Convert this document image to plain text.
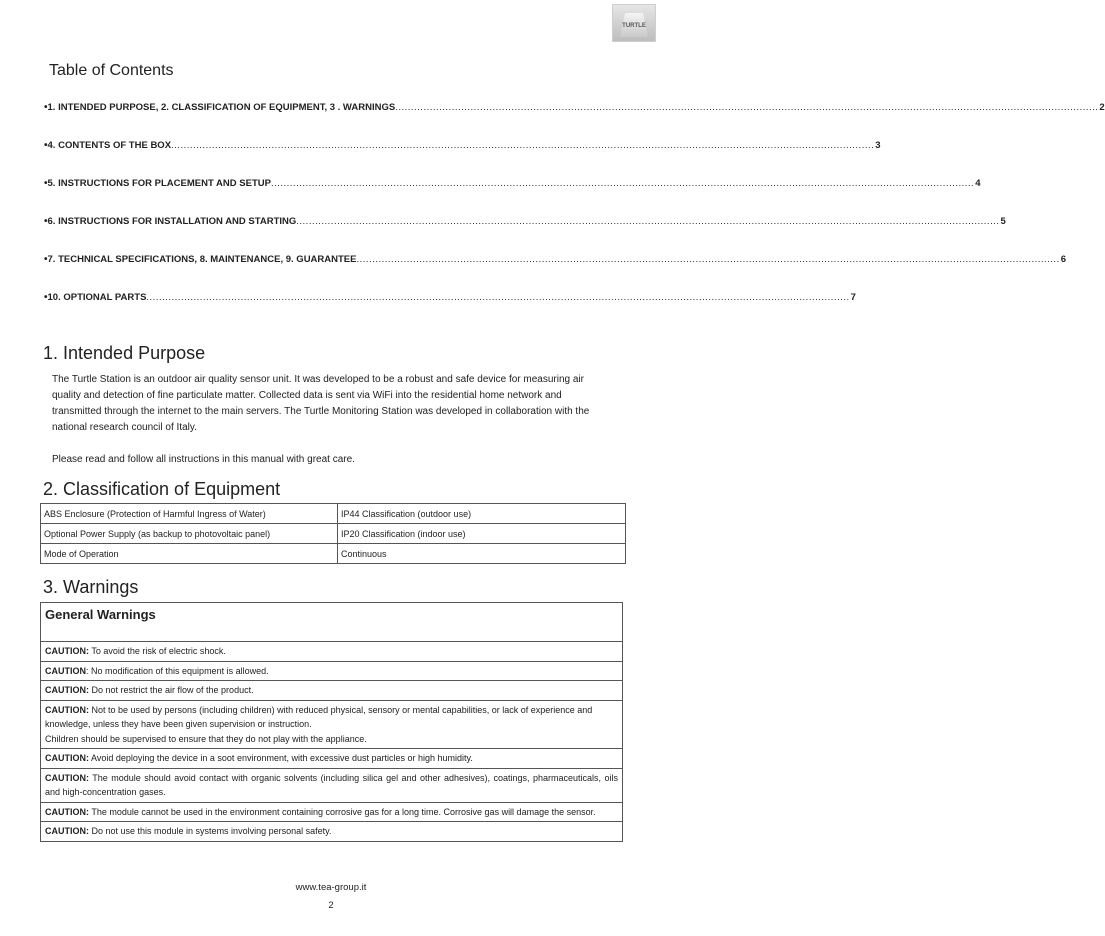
TURTLE
Table of Contents
• 1. INTENDED PURPOSE, 2. CLASSIFICATION OF EQUIPMENT, 3 . WARNINGS .....	2
• 4. CONTENTS OF THE BOX .....	3
• 5. INSTRUCTIONS FOR PLACEMENT AND SETUP .....	4
• 6. INSTRUCTIONS FOR INSTALLATION AND STARTING .....	5
• 7. TECHNICAL SPECIFICATIONS, 8. MAINTENANCE, 9. GUARANTEE .....	6
• 10. OPTIONAL PARTS .....	7
1. Intended Purpose

The Turtle Station is an outdoor air quality sensor unit. It was developed to be a robust and safe device for measuring air quality and detection of fine particulate matter. Collected data is sent via WiFi into the residential home network and transmitted through the internet to the main servers. The Turtle Monitoring Station was developed in collaboration with the national research council of Italy.

Please read and follow all instructions in this manual with great care.

2. Classification of Equipment
ABS Enclosure (Protection of Harmful Ingress of Water)	IP44 Classification (outdoor use)
Optional Power Supply (as backup to photovoltaic panel)	IP20 Classification (indoor use)
Mode of Operation	Continuous
3. Warnings
General Warnings
CAUTION: To avoid the risk of electric shock.
CAUTION: No modification of this equipment is allowed.
CAUTION: Do not restrict the air flow of the product.
CAUTION: Not to be used by persons (including children) with reduced physical, sensory or mental capabilities, or lack of experience and knowledge, unless they have been given supervision or instruction.
Children should be supervised to ensure that they do not play with the appliance.
CAUTION: Avoid deploying the device in a soot environment, with excessive dust particles or high humidity.
CAUTION: The module should avoid contact with organic solvents (including silica gel and other adhesives), coatings, pharmaceuticals, oils and high-concentration gases.
CAUTION: The module cannot be used in the environment containing corrosive gas for a long time. Corrosive gas will damage the sensor.
CAUTION: Do not use this module in systems involving personal safety.
www.tea-group.it
2
